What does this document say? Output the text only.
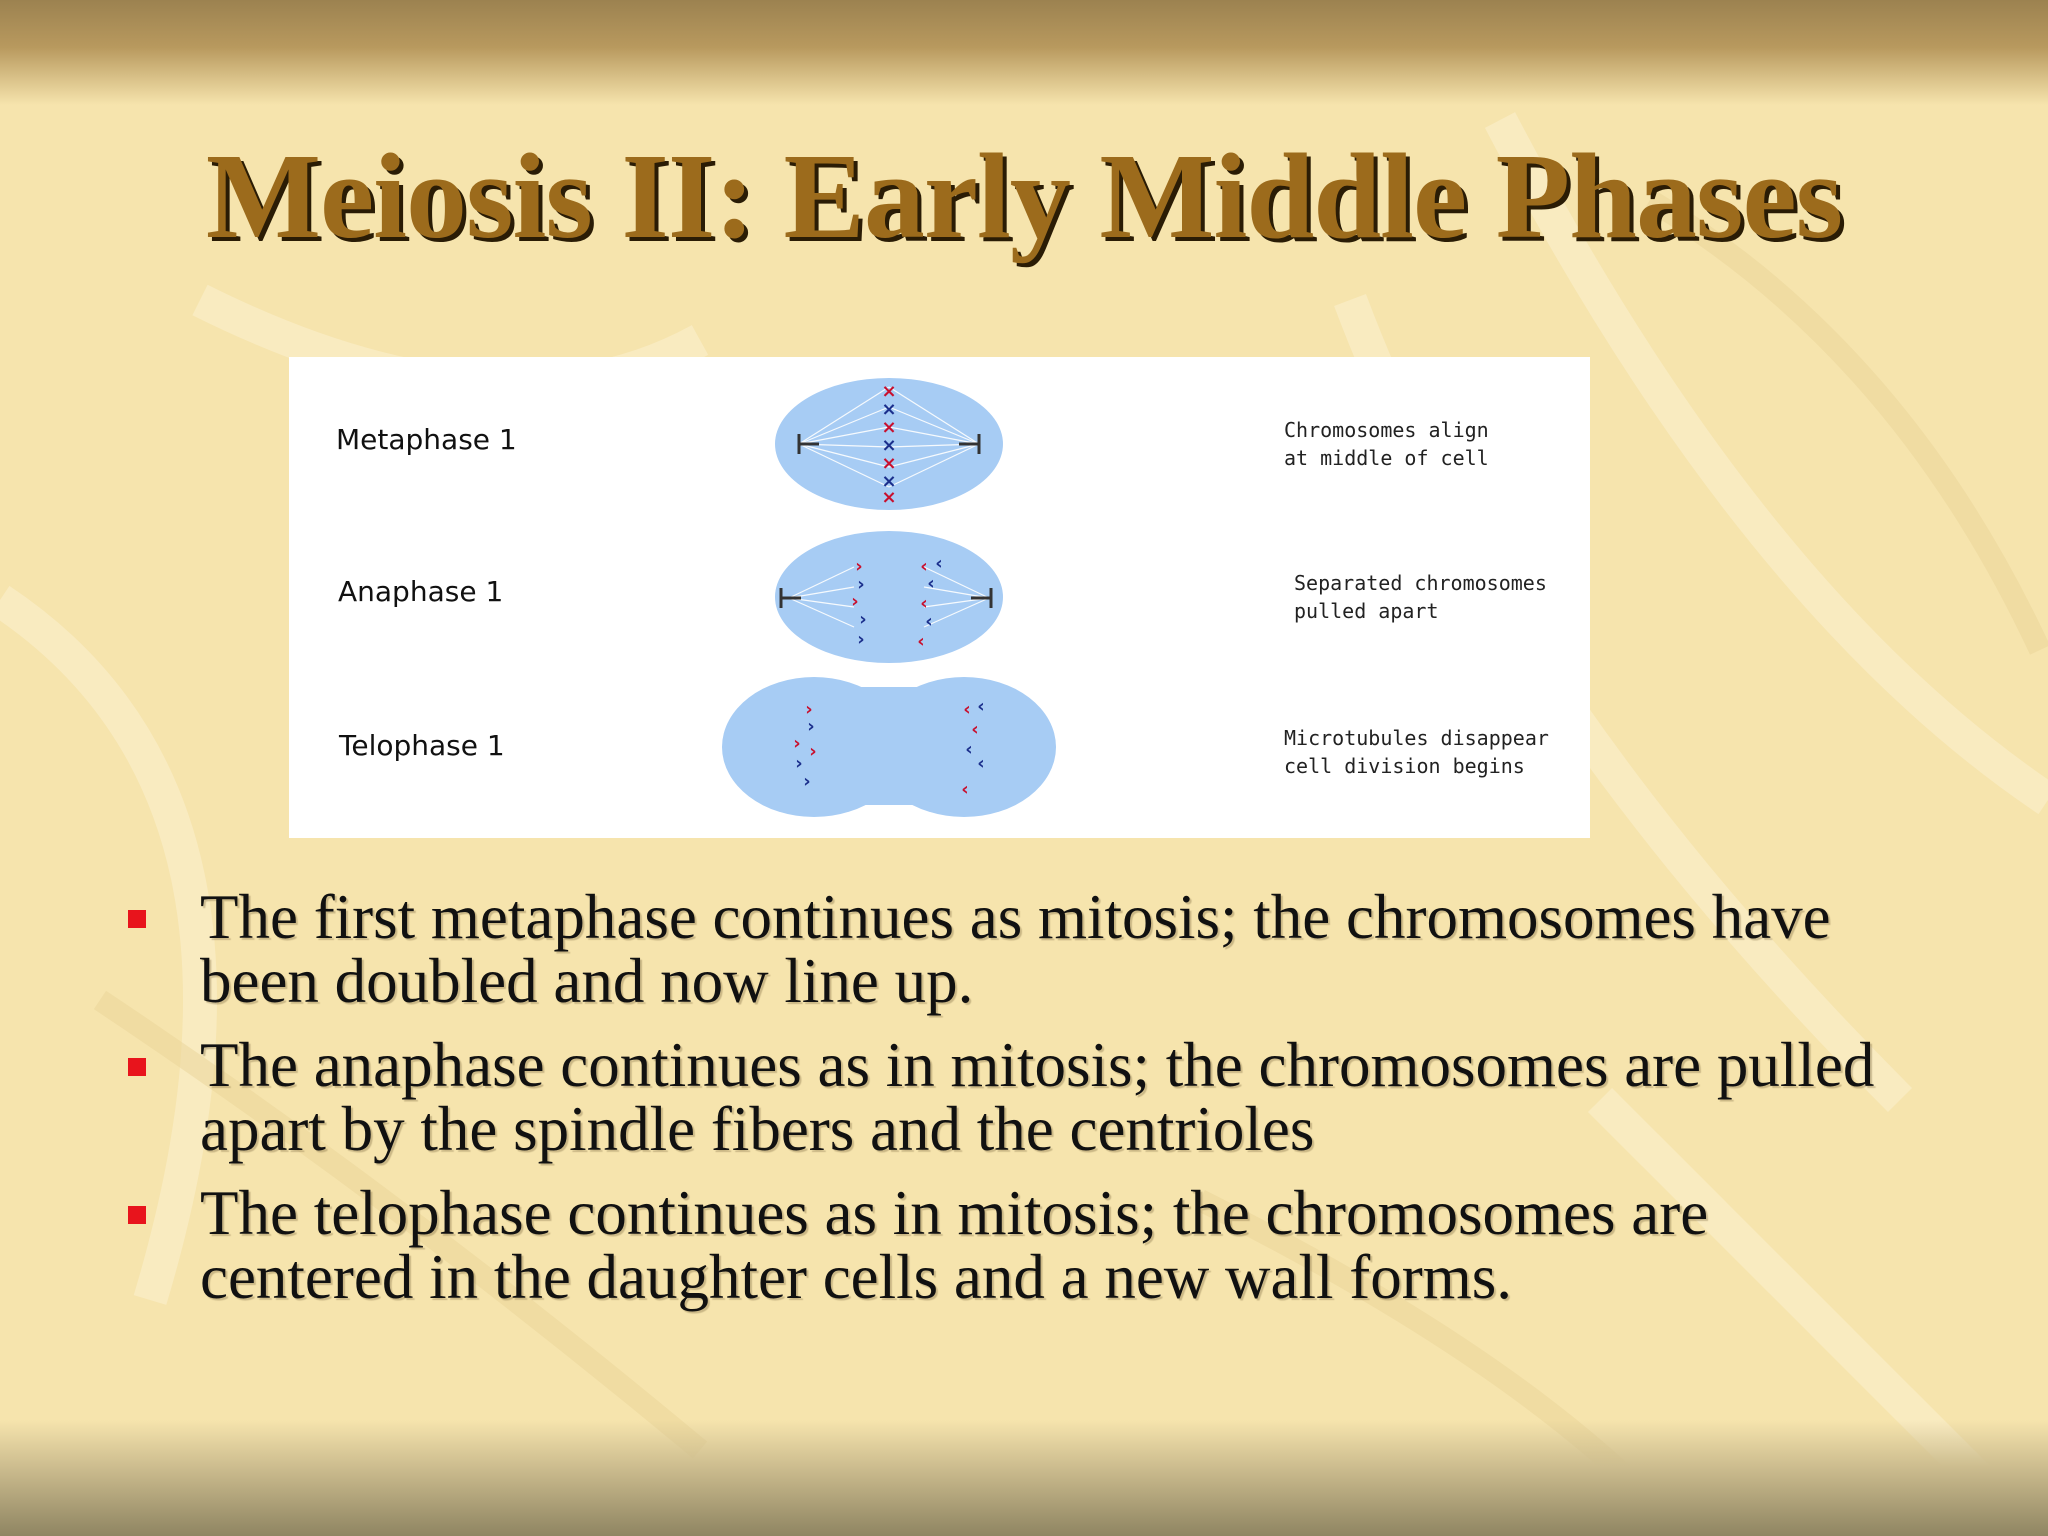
Meiosis II: Early Middle Phases
×
×
×
×
×
×
×
›
›
›
›
›
‹ ‹
‹
‹
‹
‹
›
›
› ›
›
›
‹ ‹
‹
‹
‹
‹
Metaphase 1
Anaphase 1
Telophase 1
Chromosomes align
at middle of cell
Separated chromosomes
pulled apart
Microtubules disappear
cell division begins
The first metaphase continues as mitosis; the chromosomes have been doubled and now line up.
The anaphase continues as in mitosis; the chromosomes are pulled apart by the spindle fibers and the centrioles
The telophase continues as in mitosis; the chromosomes are centered in the daughter cells and a new wall forms.
